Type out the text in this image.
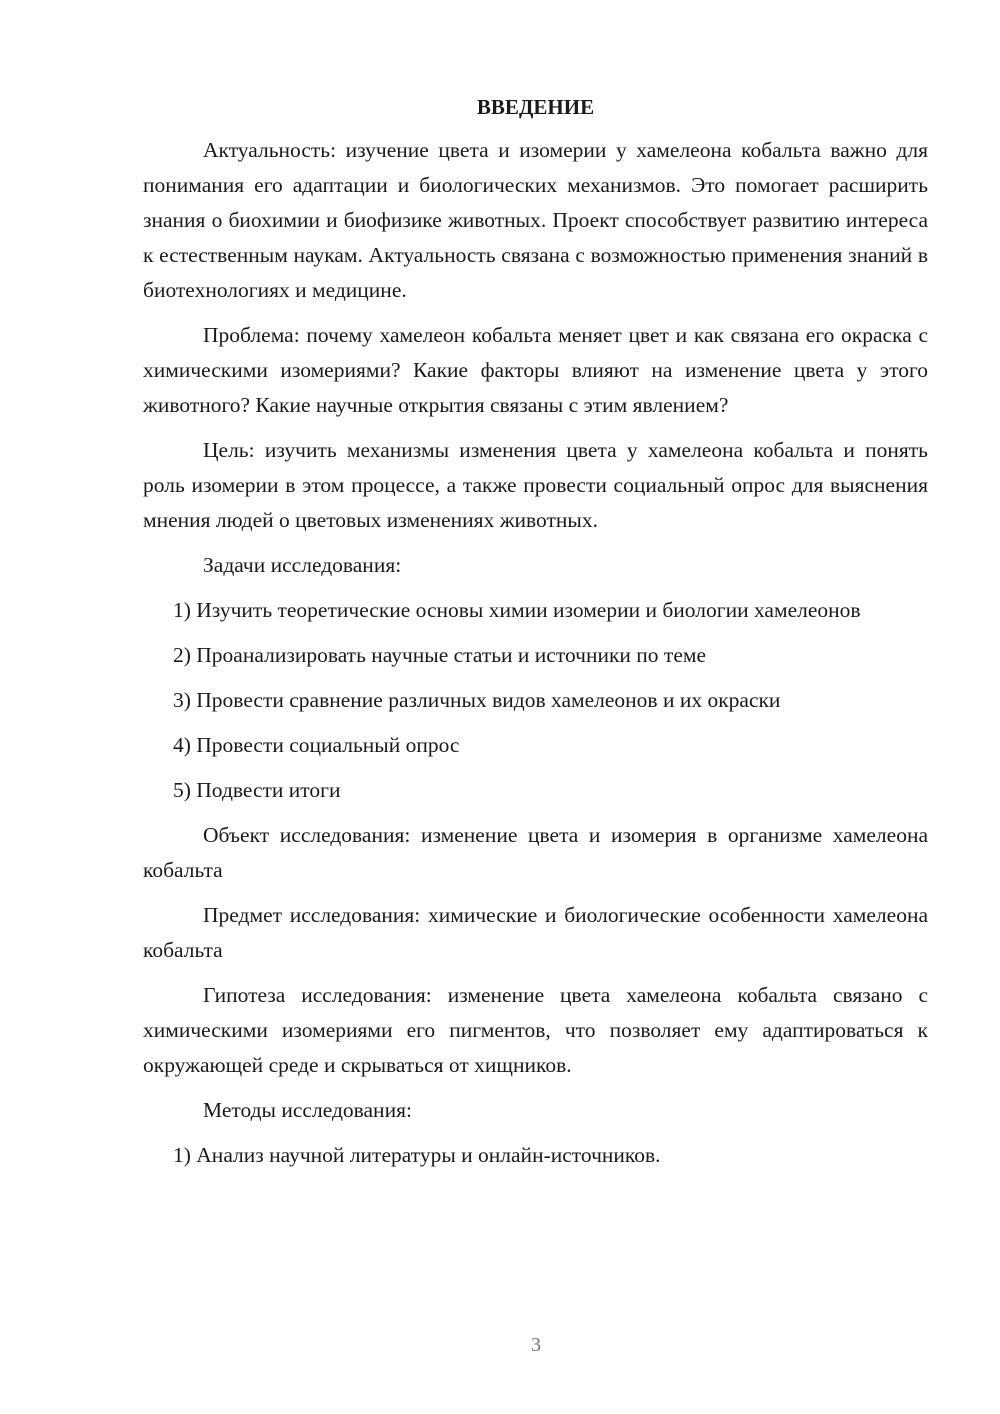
ВВЕДЕНИЕ

Актуальность: изучение цвета и изомерии у хамелеона кобальта важно для понимания его адаптации и биологических механизмов. Это помогает расширить знания о биохимии и биофизике животных. Проект способствует развитию интереса к естественным наукам. Актуальность связана с возможностью применения знаний в биотехнологиях и медицине.

Проблема: почему хамелеон кобальта меняет цвет и как связана его окраска с химическими изомериями? Какие факторы влияют на изменение цвета у этого животного? Какие научные открытия связаны с этим явлением?

Цель: изучить механизмы изменения цвета у хамелеона кобальта и понять роль изомерии в этом процессе, а также провести социальный опрос для выяснения мнения людей о цветовых изменениях животных.

Задачи исследования:

1) Изучить теоретические основы химии изомерии и биологии хамелеонов

2) Проанализировать научные статьи и источники по теме

3) Провести сравнение различных видов хамелеонов и их окраски

4) Провести социальный опрос

5) Подвести итоги

Объект исследования: изменение цвета и изомерия в организме хамелеона кобальта

Предмет исследования: химические и биологические особенности хамелеона кобальта

Гипотеза исследования: изменение цвета хамелеона кобальта связано с химическими изомериями его пигментов, что позволяет ему адаптироваться к окружающей среде и скрываться от хищников.

Методы исследования:

1) Анализ научной литературы и онлайн-источников.

3
